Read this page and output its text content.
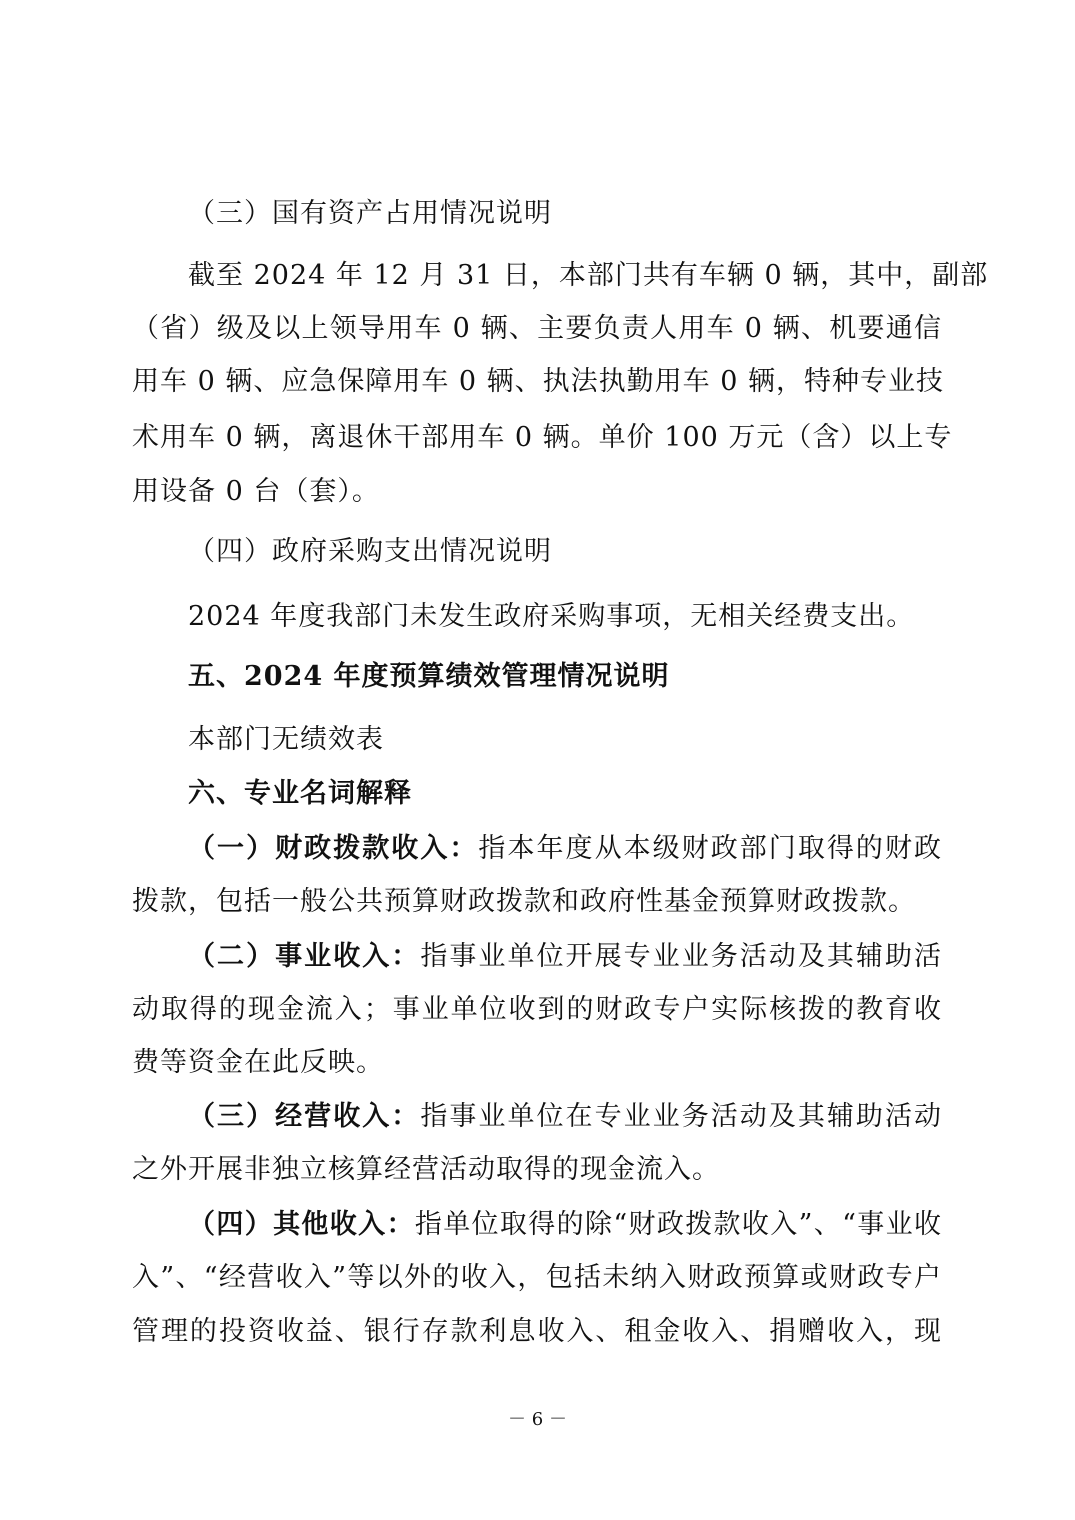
（三）国有资产占用情况说明
截至 2024 年 12 月 31 日，本部门共有车辆 0 辆，其中，副部
（省）级及以上领导用车 0 辆、主要负责人用车 0 辆、机要通信
用车 0 辆、应急保障用车 0 辆、执法执勤用车 0 辆，特种专业技
术用车 0 辆，离退休干部用车 0 辆。单价 100 万元（含）以上专
用设备 0 台（套）。
（四）政府采购支出情况说明
2024 年度我部门未发生政府采购事项，无相关经费支出。
五、2024 年度预算绩效管理情况说明
本部门无绩效表
六、专业名词解释
（一）财政拨款收入：指本年度从本级财政部门取得的财政
拨款，包括一般公共预算财政拨款和政府性基金预算财政拨款。
（二）事业收入：指事业单位开展专业业务活动及其辅助活
动取得的现金流入；事业单位收到的财政专户实际核拨的教育收
费等资金在此反映。
（三）经营收入：指事业单位在专业业务活动及其辅助活动
之外开展非独立核算经营活动取得的现金流入。
（四）其他收入：指单位取得的除“财政拨款收入”、“事业收
入”、“经营收入”等以外的收入，包括未纳入财政预算或财政专户
管理的投资收益、银行存款利息收入、租金收入、捐赠收入，现
－ 6 －
